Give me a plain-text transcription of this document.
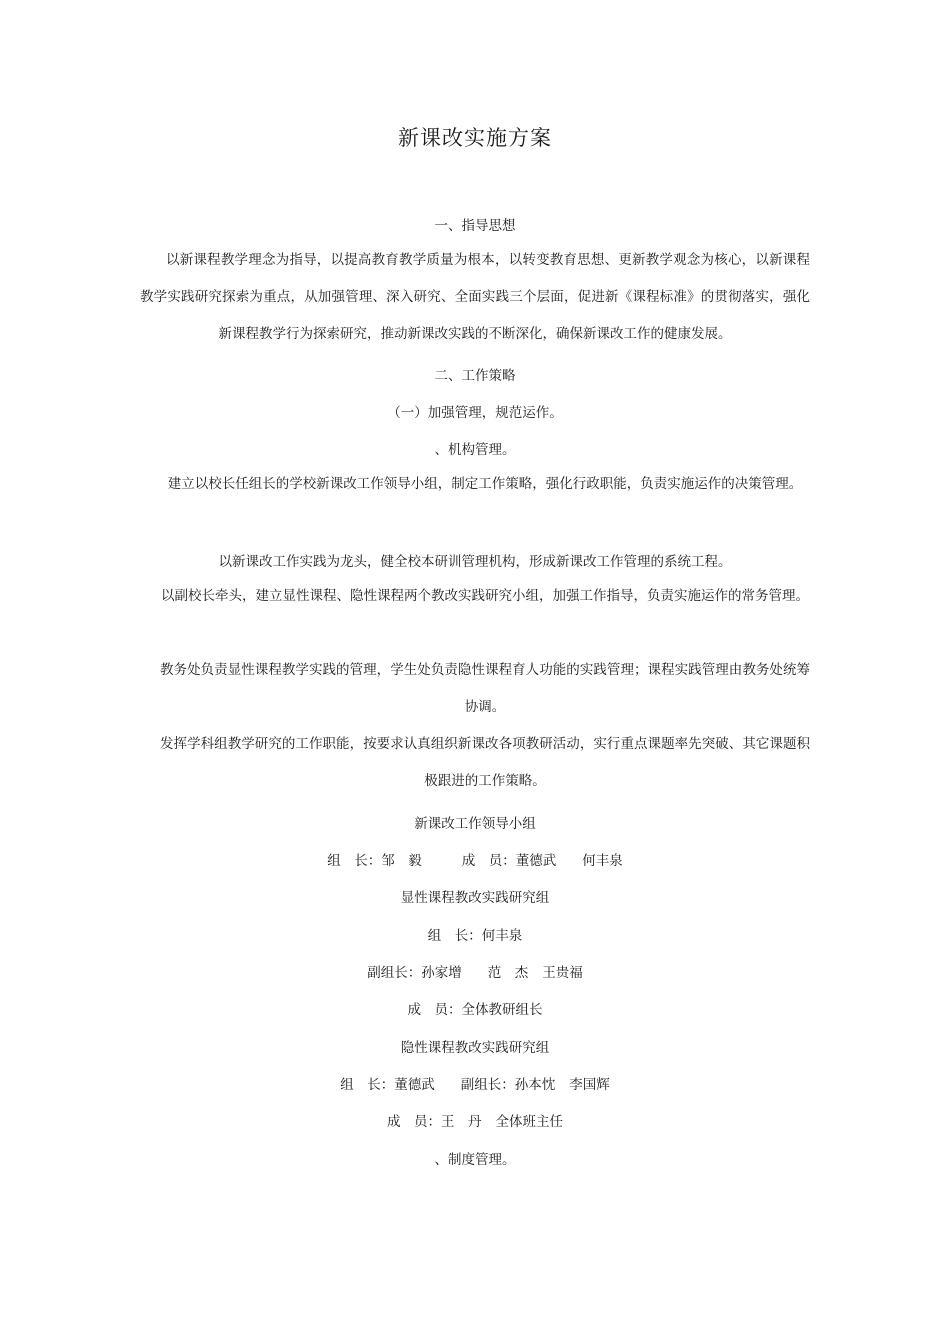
新课改实施方案
一、指导思想
以新课程教学理念为指导，以提高教育教学质量为根本，以转变教育思想、更新教学观念为核心，以新课程教学实践研究探索为重点，从加强管理、深入研究、全面实践三个层面，促进新《课程标准》的贯彻落实，强化新课程教学行为探索研究，推动新课改实践的不断深化，确保新课改工作的健康发展。
二、工作策略
（一）加强管理，规范运作。
、机构管理。
建立以校长任组长的学校新课改工作领导小组，制定工作策略，强化行政职能，负责实施运作的决策管理。
以新课改工作实践为龙头，健全校本研训管理机构，形成新课改工作管理的系统工程。
以副校长牵头，建立显性课程、隐性课程两个教改实践研究小组，加强工作指导，负责实施运作的常务管理。
教务处负责显性课程教学实践的管理，学生处负责隐性课程育人功能的实践管理；课程实践管理由教务处统筹协调。
发挥学科组教学研究的工作职能，按要求认真组织新课改各项教研活动，实行重点课题率先突破、其它课题积极跟进的工作策略。
新课改工作领导小组
组　长：邹　毅	成　员：董德武 何丰泉
显性课程教改实践研究组
组　长：何丰泉
副组长：孙家增 范　杰 王贵福
成　员：全体教研组长
隐性课程教改实践研究组
组　长：董德武 副组长：孙本忱 李国辉
成　员：王　丹 全体班主任
、制度管理。
